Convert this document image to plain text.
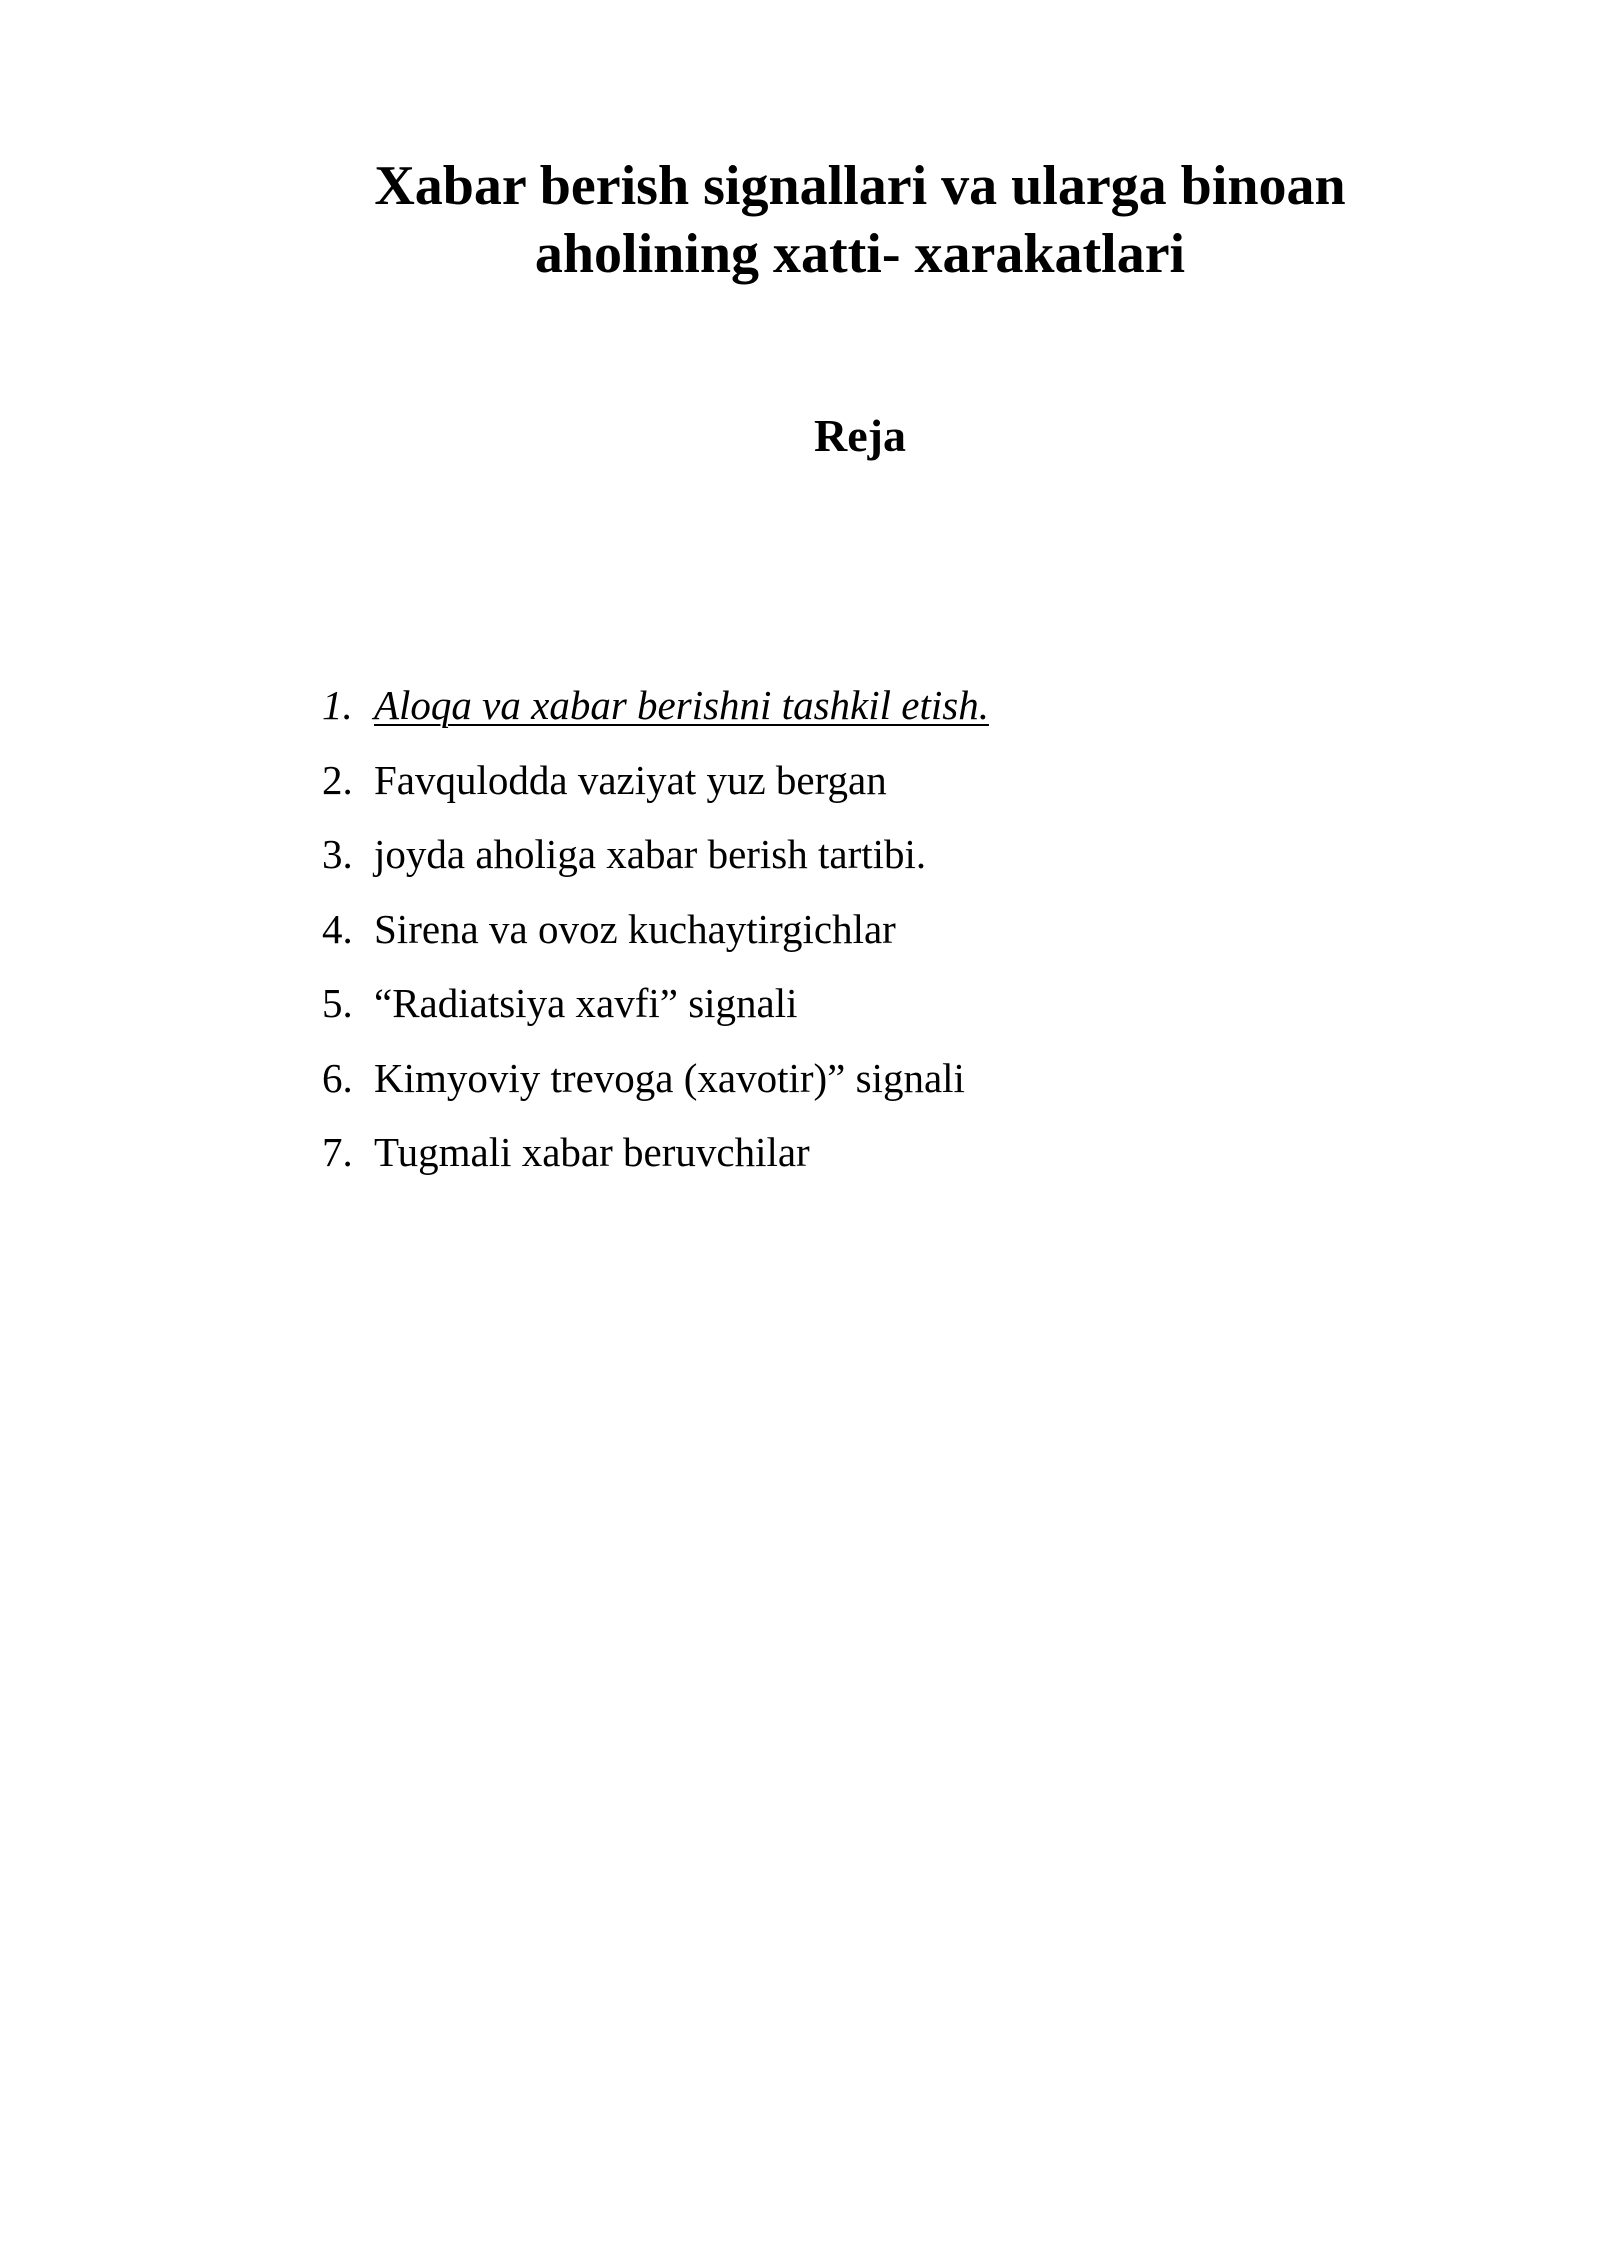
Xabar berish signallari va ularga binoan
aholining xatti- xarakatlari
Reja
1. Aloqa va xabar berishni tashkil etish.
2. Favqulodda vaziyat yuz bergan
3. joyda aholiga xabar berish tartibi.
4. Sirena va ovoz kuchaytirgichlar
5. “Radiatsiya xavfi” signali
6. Kimyoviy trevoga (xavotir)” signali
7. Tugmali xabar beruvchilar
